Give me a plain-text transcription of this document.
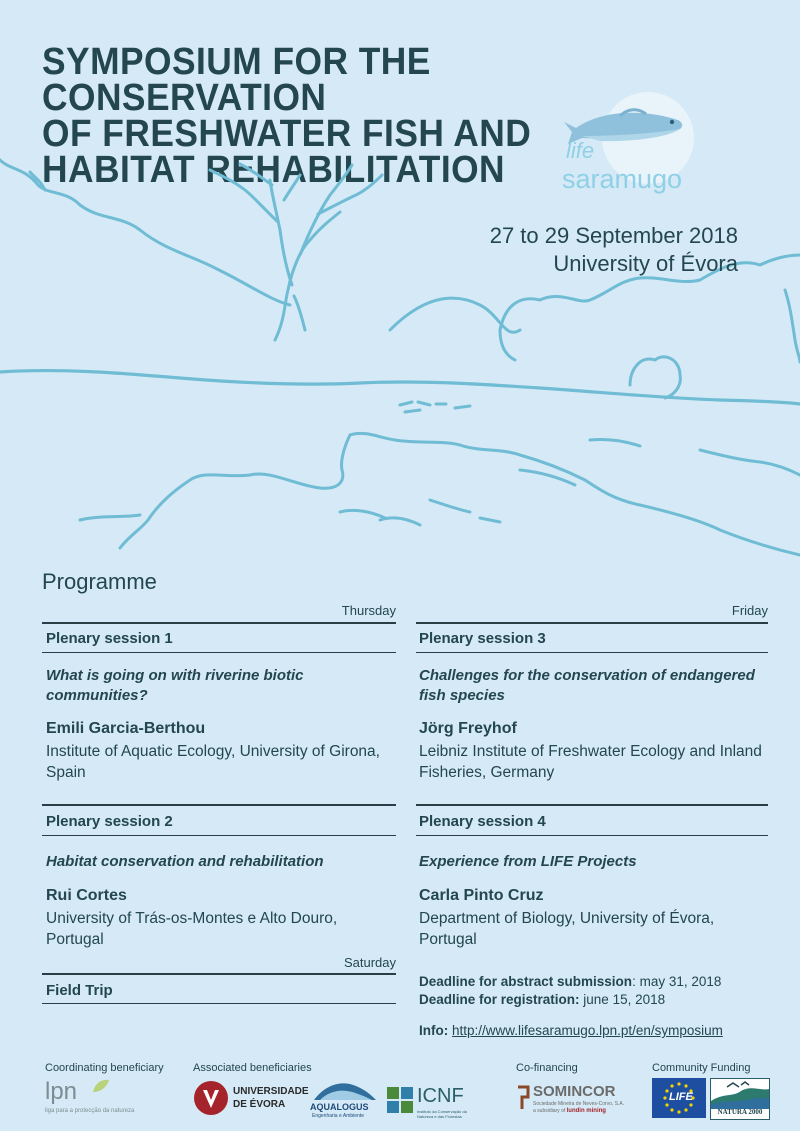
SYMPOSIUM FOR THE CONSERVATION
OF FRESHWATER FISH AND
HABITAT REHABILITATION	life
saramugo
27 to 29 September 2018
University of Évora
Programme
Thursday
Plenary session 1
What is going on with riverine biotic communities?
Emili Garcia-Berthou
Institute of Aquatic Ecology, University of Girona, Spain
Plenary session 2
Habitat conservation and rehabilitation
Rui Cortes
University of Trás-os-Montes e Alto Douro, Portugal
Saturday
Field Trip
Friday
Plenary session 3
Challenges for the conservation of endangered fish species
Jörg Freyhof
Leibniz Institute of Freshwater Ecology and Inland Fisheries, Germany
Plenary session 4
Experience from LIFE Projects
Carla Pinto Cruz
Department of Biology, University of Évora, Portugal
Deadline for abstract submission: may 31, 2018
Deadline for registration: june 15, 2018
Info: http://www.lifesaramugo.lpn.pt/en/symposium
Coordinating beneficiary	Associated beneficiaries	Co-financing	Community Funding
lpn
liga para a protecção da natureza
UNIVERSIDADE
DE ÉVORA	AQUALOGUS
Engenharia e Ambiente
ICNF
Instituto da Conservação da Natureza e das Florestas
SOMINCOR
Sociedade Mineira de Neves-Corvo, S.A.
a subsidiary of lundin mining
LIFE
NATURA 2000
